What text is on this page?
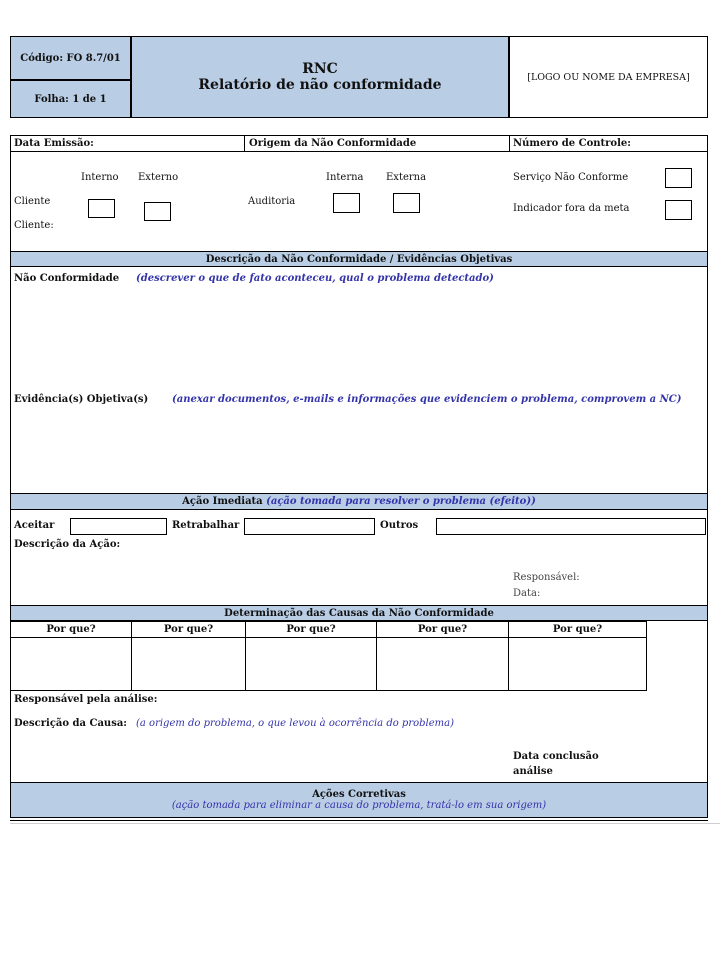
Código: FO 8.7/01
Folha: 1 de 1
RNC
Relatório de não conformidade	[LOGO OU NOME DA EMPRESA]
Data Emissão:	Origem da Não Conformidade	Número de Controle:
Interno Externo
Cliente
Cliente:
Auditoria
Interna Externa	Serviço Não Conforme
Indicador fora da meta
Descrição da Não Conformidade / Evidências Objetivas
Não Conformidade (descrever o que de fato aconteceu, qual o problema detectado)
Evidência(s) Objetiva(s) (anexar documentos, e-mails e informações que evidenciem o problema, comprovem a NC)
Ação Imediata
(ação tomada para resolver o problema (efeito))
Aceitar	Retrabalhar	Outros
Descrição da Ação:
Responsável:
Data:
Determinação das Causas da Não Conformidade
Por que?	Por que?	Por que?	Por que?	Por que?
Responsável pela análise:
Descrição da Causa: (a origem do problema, o que levou à ocorrência do problema)
Data conclusão
análise
Ações Corretivas
(ação tomada para eliminar a causa do problema, tratá-lo em sua origem)
